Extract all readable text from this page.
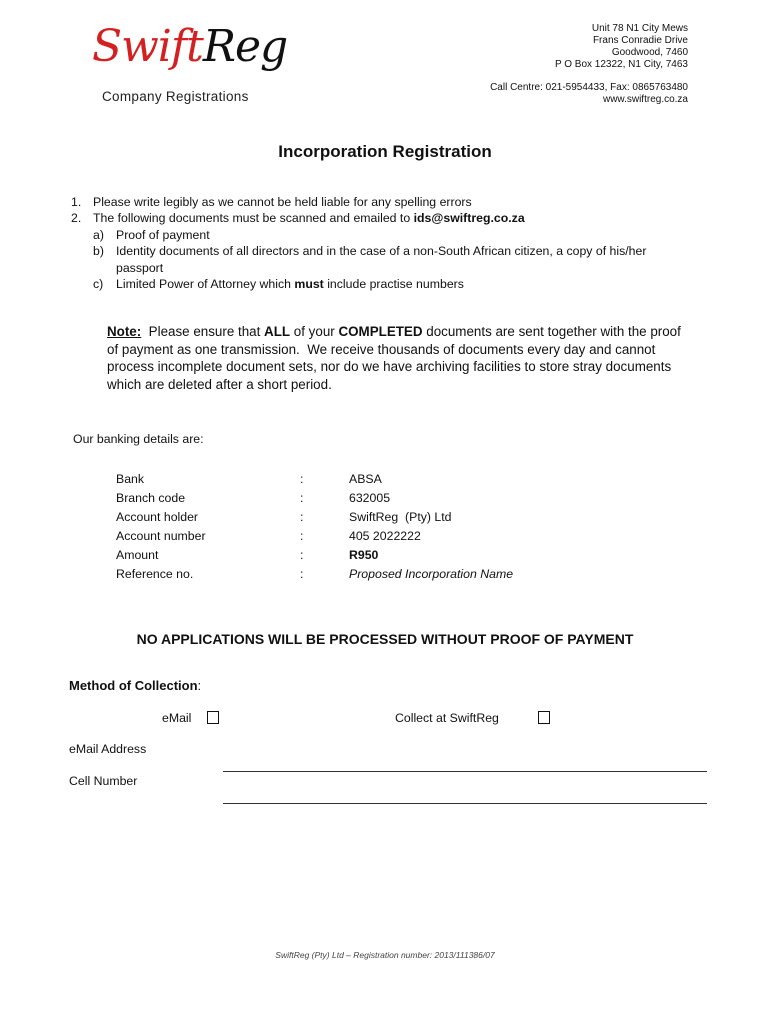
SwiftReg
Company Registrations
Unit 78 N1 City Mews
Frans Conradie Drive
Goodwood, 7460
P O Box 12322, N1 City, 7463
Call Centre: 021-5954433, Fax: 0865763480
www.swiftreg.co.za
Incorporation Registration
1. Please write legibly as we cannot be held liable for any spelling errors
2. The following documents must be scanned and emailed to ids@swiftreg.co.za
a) Proof of payment
b) Identity documents of all directors and in the case of a non-South African citizen, a copy of his/her
passport
c) Limited Power of Attorney which must include practise numbers
Note:  Please ensure that ALL of your COMPLETED documents are sent together with the proof of payment as one transmission.  We receive thousands of documents every day and cannot process incomplete document sets, nor do we have archiving facilities to store stray documents which are deleted after a short period.
Our banking details are:
Bank	:	ABSA
Branch code	:	632005
Account holder	:	SwiftReg  (Pty) Ltd
Account number	:	405 2022222
Amount	:	R950
Reference no.	:	Proposed Incorporation Name
NO APPLICATIONS WILL BE PROCESSED WITHOUT PROOF OF PAYMENT
Method of Collection:
eMail	Collect at SwiftReg
eMail Address
Cell Number
SwiftReg (Pty) Ltd – Registration number: 2013/111386/07
